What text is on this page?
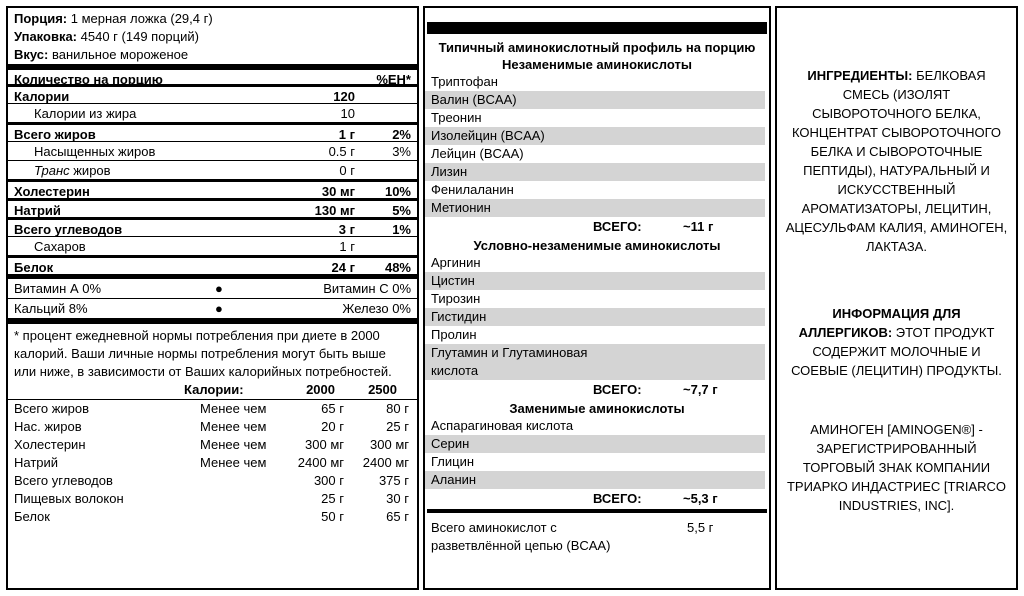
Порция: 1 мерная ложка (29,4 г)
Упаковка: 4540 г (149 порций)
Вкус: ванильное мороженое
Количество на порцию	%ЕН*
Калории	120
Калории из жира	10
Всего жиров	1 г	2%
Насыщенных жиров	0.5 г	3%
Транс жиров	0 г
Холестерин	30 мг 10%
Натрий	130 мг	5%
Всего углеводов	3 г	1%
Сахаров	1 г
Белок	24 г 48%
Витамин А 0%	●	Витамин С 0%
Кальций 8%	●	Железо 0%
* процент ежедневной нормы потребления при диете в 2000 калорий. Ваши личные нормы потребления могут быть выше или ниже, в зависимости от Ваших калорийных потребностей.
Калории:	2000	2500
Всего жиров	Менее чем	65 г	80 г
Нас. жиров	Менее чем	20 г	25 г
Холестерин	Менее чем	300 мг 300 мг
Натрий	Менее чем 2400 мг 2400 мг
Всего углеводов	300 г	375 г
Пищевых волокон	25 г	30 г
Белок	50 г	65 г
Типичный аминокислотный профиль на порцию
Незаменимые аминокислоты
Триптофан
Валин (BCAA)
Треонин
Изолейцин (BCAA)
Лейцин (BCAA)
Лизин
Фенилаланин
Метионин
ВСЕГО:	~11 г
Условно-незаменимые аминокислоты
Аргинин
Цистин
Тирозин
Гистидин
Пролин
Глутамин и Глутаминовая кислота
ВСЕГО:	~7,7 г
Заменимые аминокислоты
Аспарагиновая кислота
Серин
Глицин
Аланин
ВСЕГО:	~5,3 г
Всего аминокислот с разветвлённой цепью (BCAA)
5,5 г
ИНГРЕДИЕНТЫ: БЕЛКОВАЯ СМЕСЬ (ИЗОЛЯТ СЫВОРОТОЧНОГО БЕЛКА, КОНЦЕНТРАТ СЫВОРОТОЧНОГО БЕЛКА И СЫВОРОТОЧНЫЕ ПЕПТИДЫ), НАТУРАЛЬНЫЙ И ИСКУССТВЕННЫЙ АРОМАТИЗАТОРЫ, ЛЕЦИТИН, АЦЕСУЛЬФАМ КАЛИЯ, АМИНОГЕН, ЛАКТАЗА.
ИНФОРМАЦИЯ ДЛЯ АЛЛЕРГИКОВ: ЭТОТ ПРОДУКТ СОДЕРЖИТ МОЛОЧНЫЕ И СОЕВЫЕ (ЛЕЦИТИН) ПРОДУКТЫ.
АМИНОГЕН [AMINOGEN®] - ЗАРЕГИСТРИРОВАННЫЙ ТОРГОВЫЙ ЗНАК КОМПАНИИ ТРИАРКО ИНДАСТРИЕС [TRIARCO INDUSTRIES, INC].
